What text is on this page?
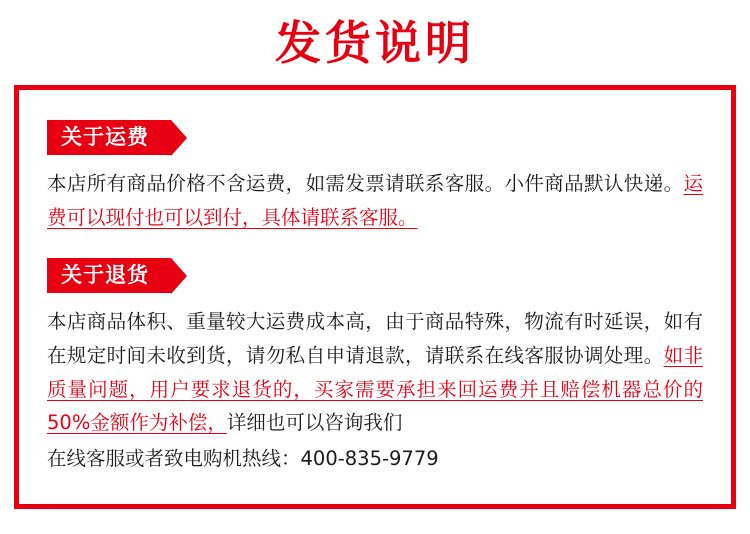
发货说明
关于运费
本店所有商品价格不含运费，如需发票请联系客服。小件商品默认快递。运费可以现付也可以到付，具体请联系客服。
关于退货
本店商品体积、重量较大运费成本高，由于商品特殊，物流有时延误，如有在规定时间未收到货，请勿私自申请退款，请联系在线客服协调处理。如非质量问题，用户要求退货的，买家需要承担来回运费并且赔偿机器总价的50%金额作为补偿，详细也可以咨询我们
在线客服或者致电购机热线：400-835-9779
